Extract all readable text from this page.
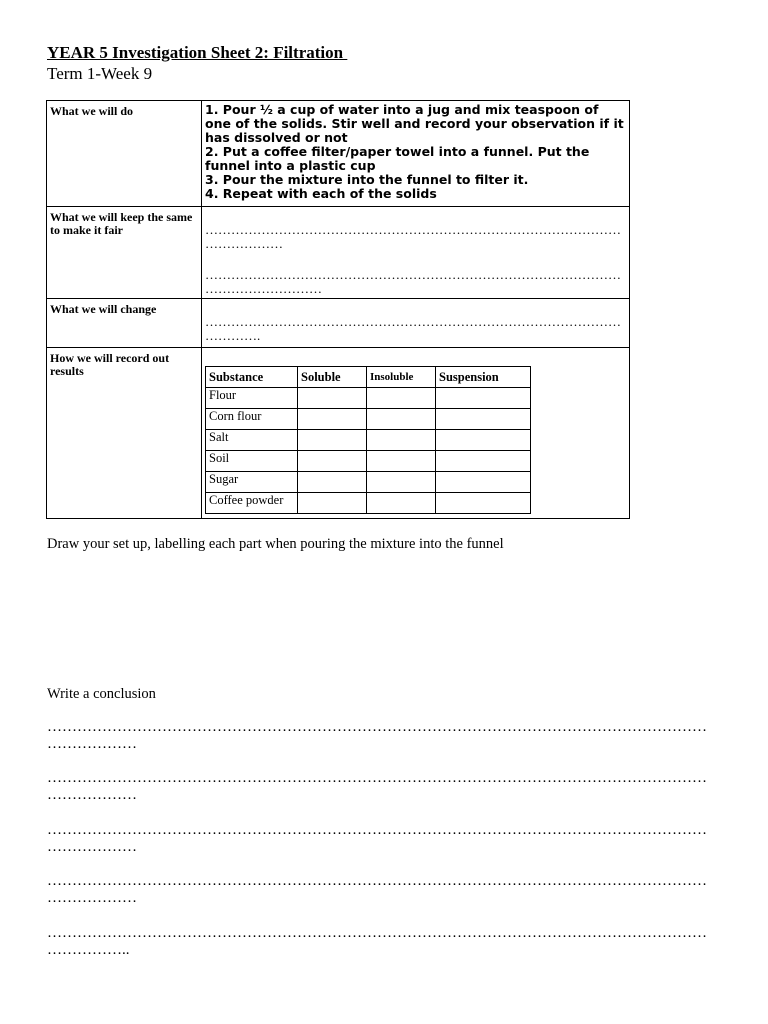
YEAR 5 Investigation Sheet 2: Filtration
Term 1-Week 9
What we will do	1. Pour ½ a cup of water into a jug and mix teaspoon of one of the solids. Stir well and record your observation if it has dissolved or not
2. Put a coffee filter/paper towel into a funnel. Put the funnel into a plastic cup
3. Pour the mixture into the funnel to filter it.
4. Repeat with each of the solids

What we will keep the same to make it fair	……………………………………………………………………………………………………
……………………………………………………………………………………………………………

What we will change	
……………………………………………………………………………………………….

How we will record out results		Substance	Soluble	Insoluble	Suspension
Flour			
Corn flour			
Salt			
Soil			
Sugar			
Coffee powder			
Draw your set up, labelling each part when pouring the mixture into the funnel
Write a conclusion
……………………………………………………………………………………………………………………………………
……………………………………………………………………………………………………………………………………
……………………………………………………………………………………………………………………………………
……………………………………………………………………………………………………………………………………
…………………………………………………………………………………………………………………………………..
